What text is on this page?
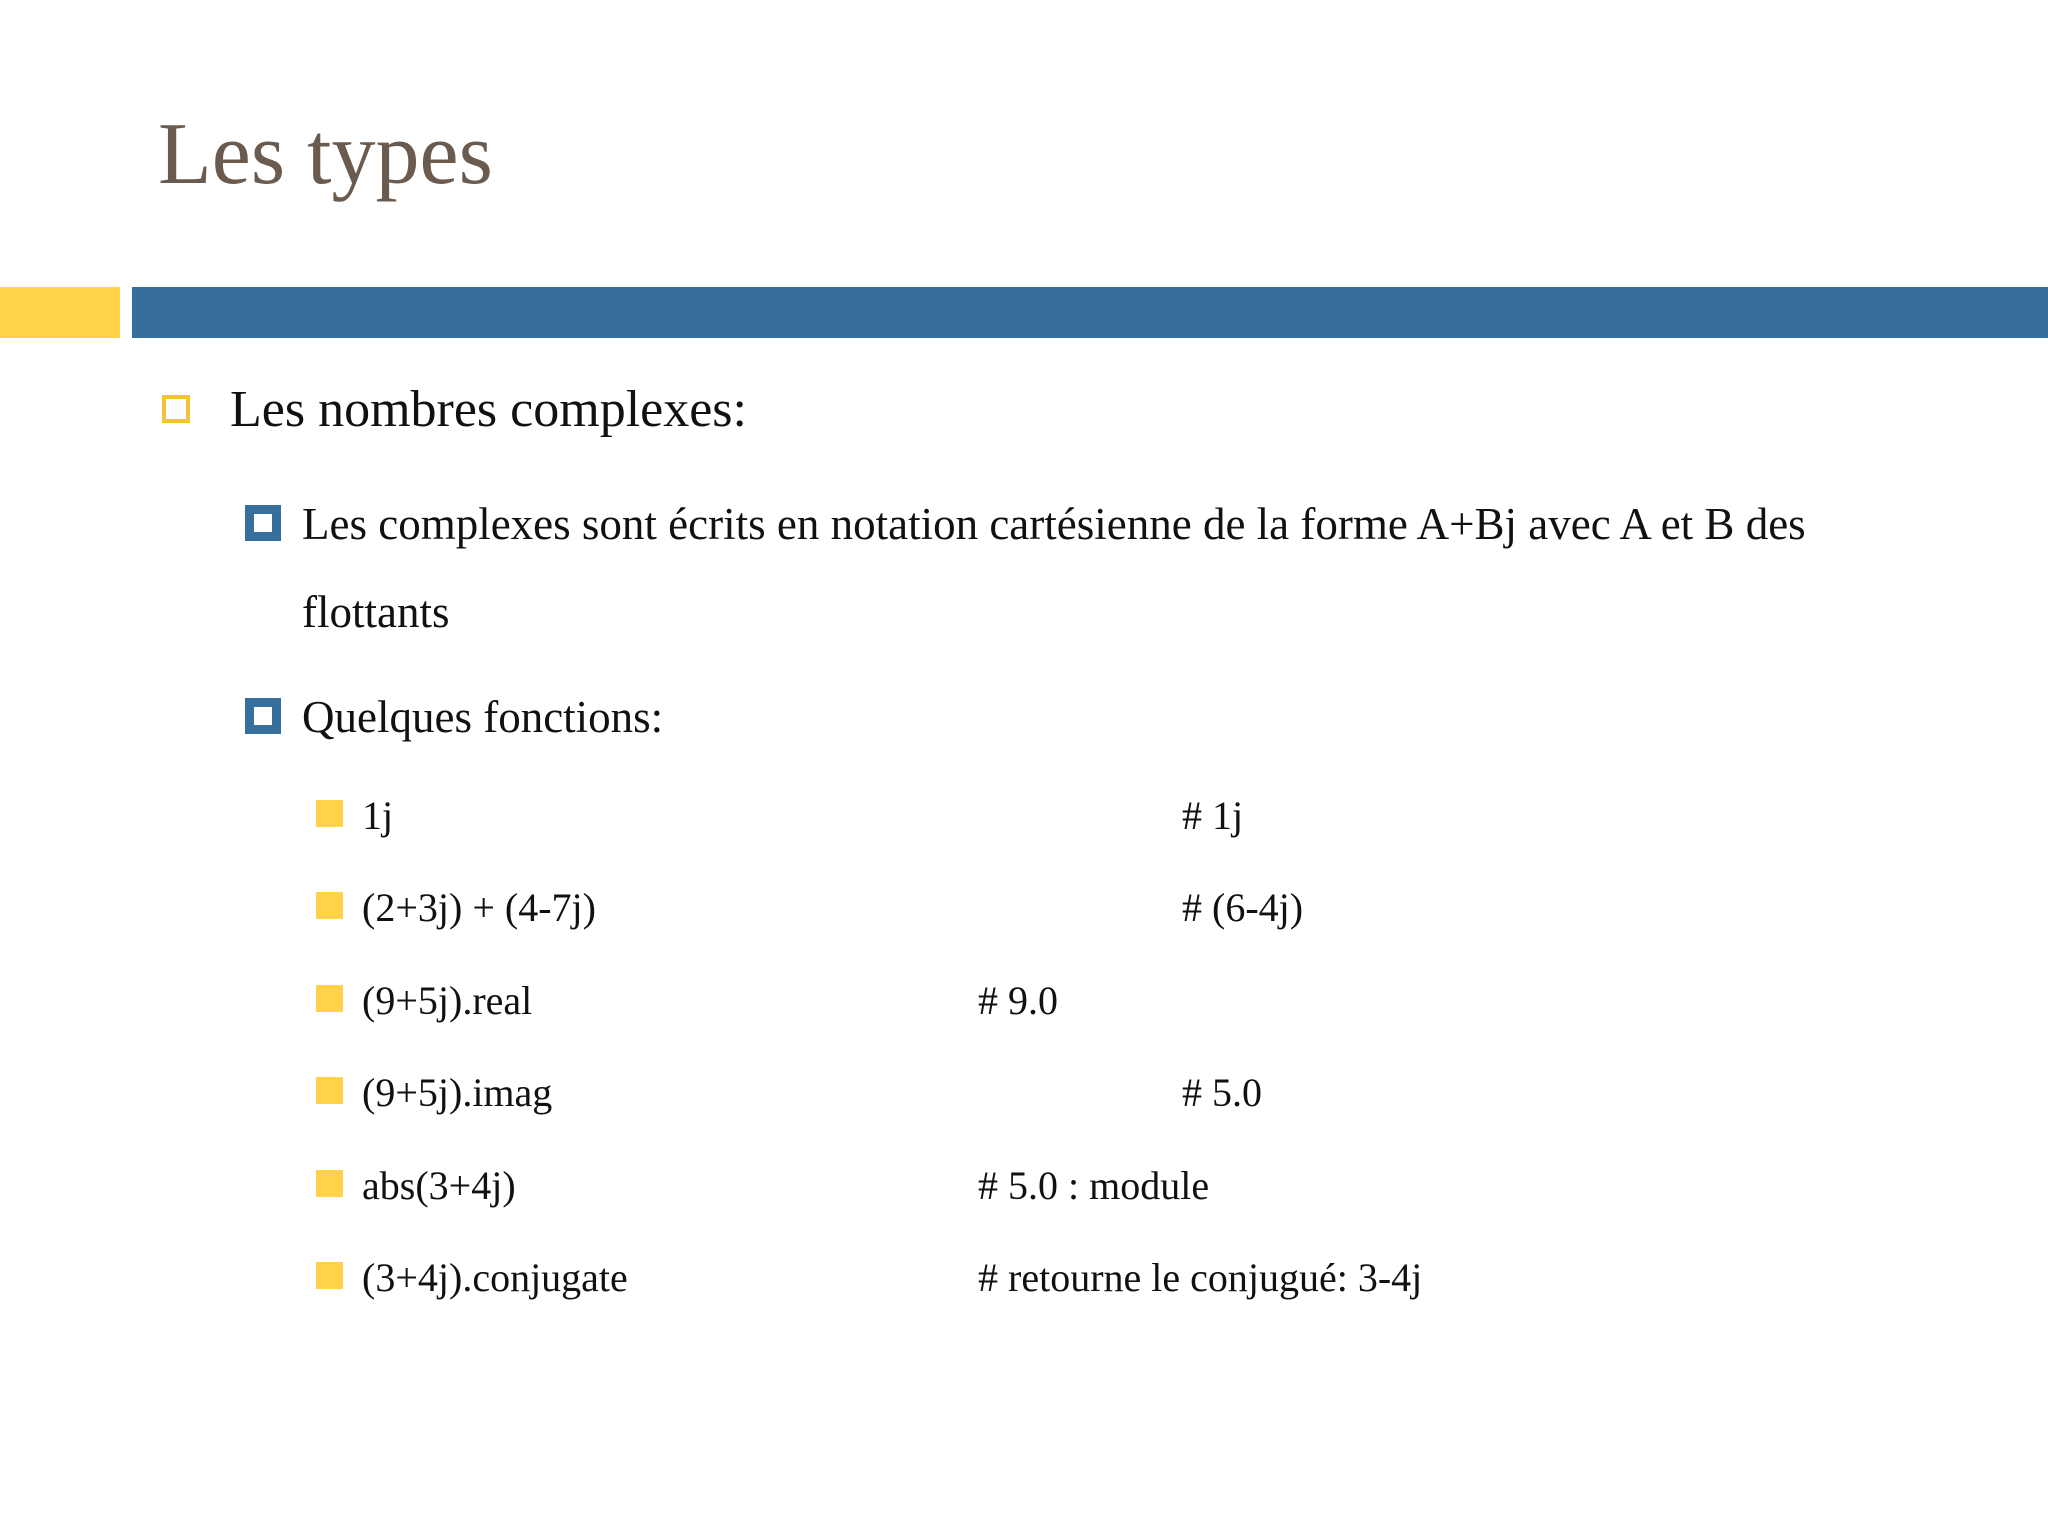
Les types
Les nombres complexes:
Les complexes sont écrits en notation cartésienne de la forme A+Bj avec A et B des flottants
Quelques fonctions:
1j	# 1j
(2+3j) + (4-7j)	# (6-4j)
(9+5j).real	# 9.0
(9+5j).imag	# 5.0
abs(3+4j)	# 5.0 : module
(3+4j).conjugate	# retourne le conjugué: 3-4j
